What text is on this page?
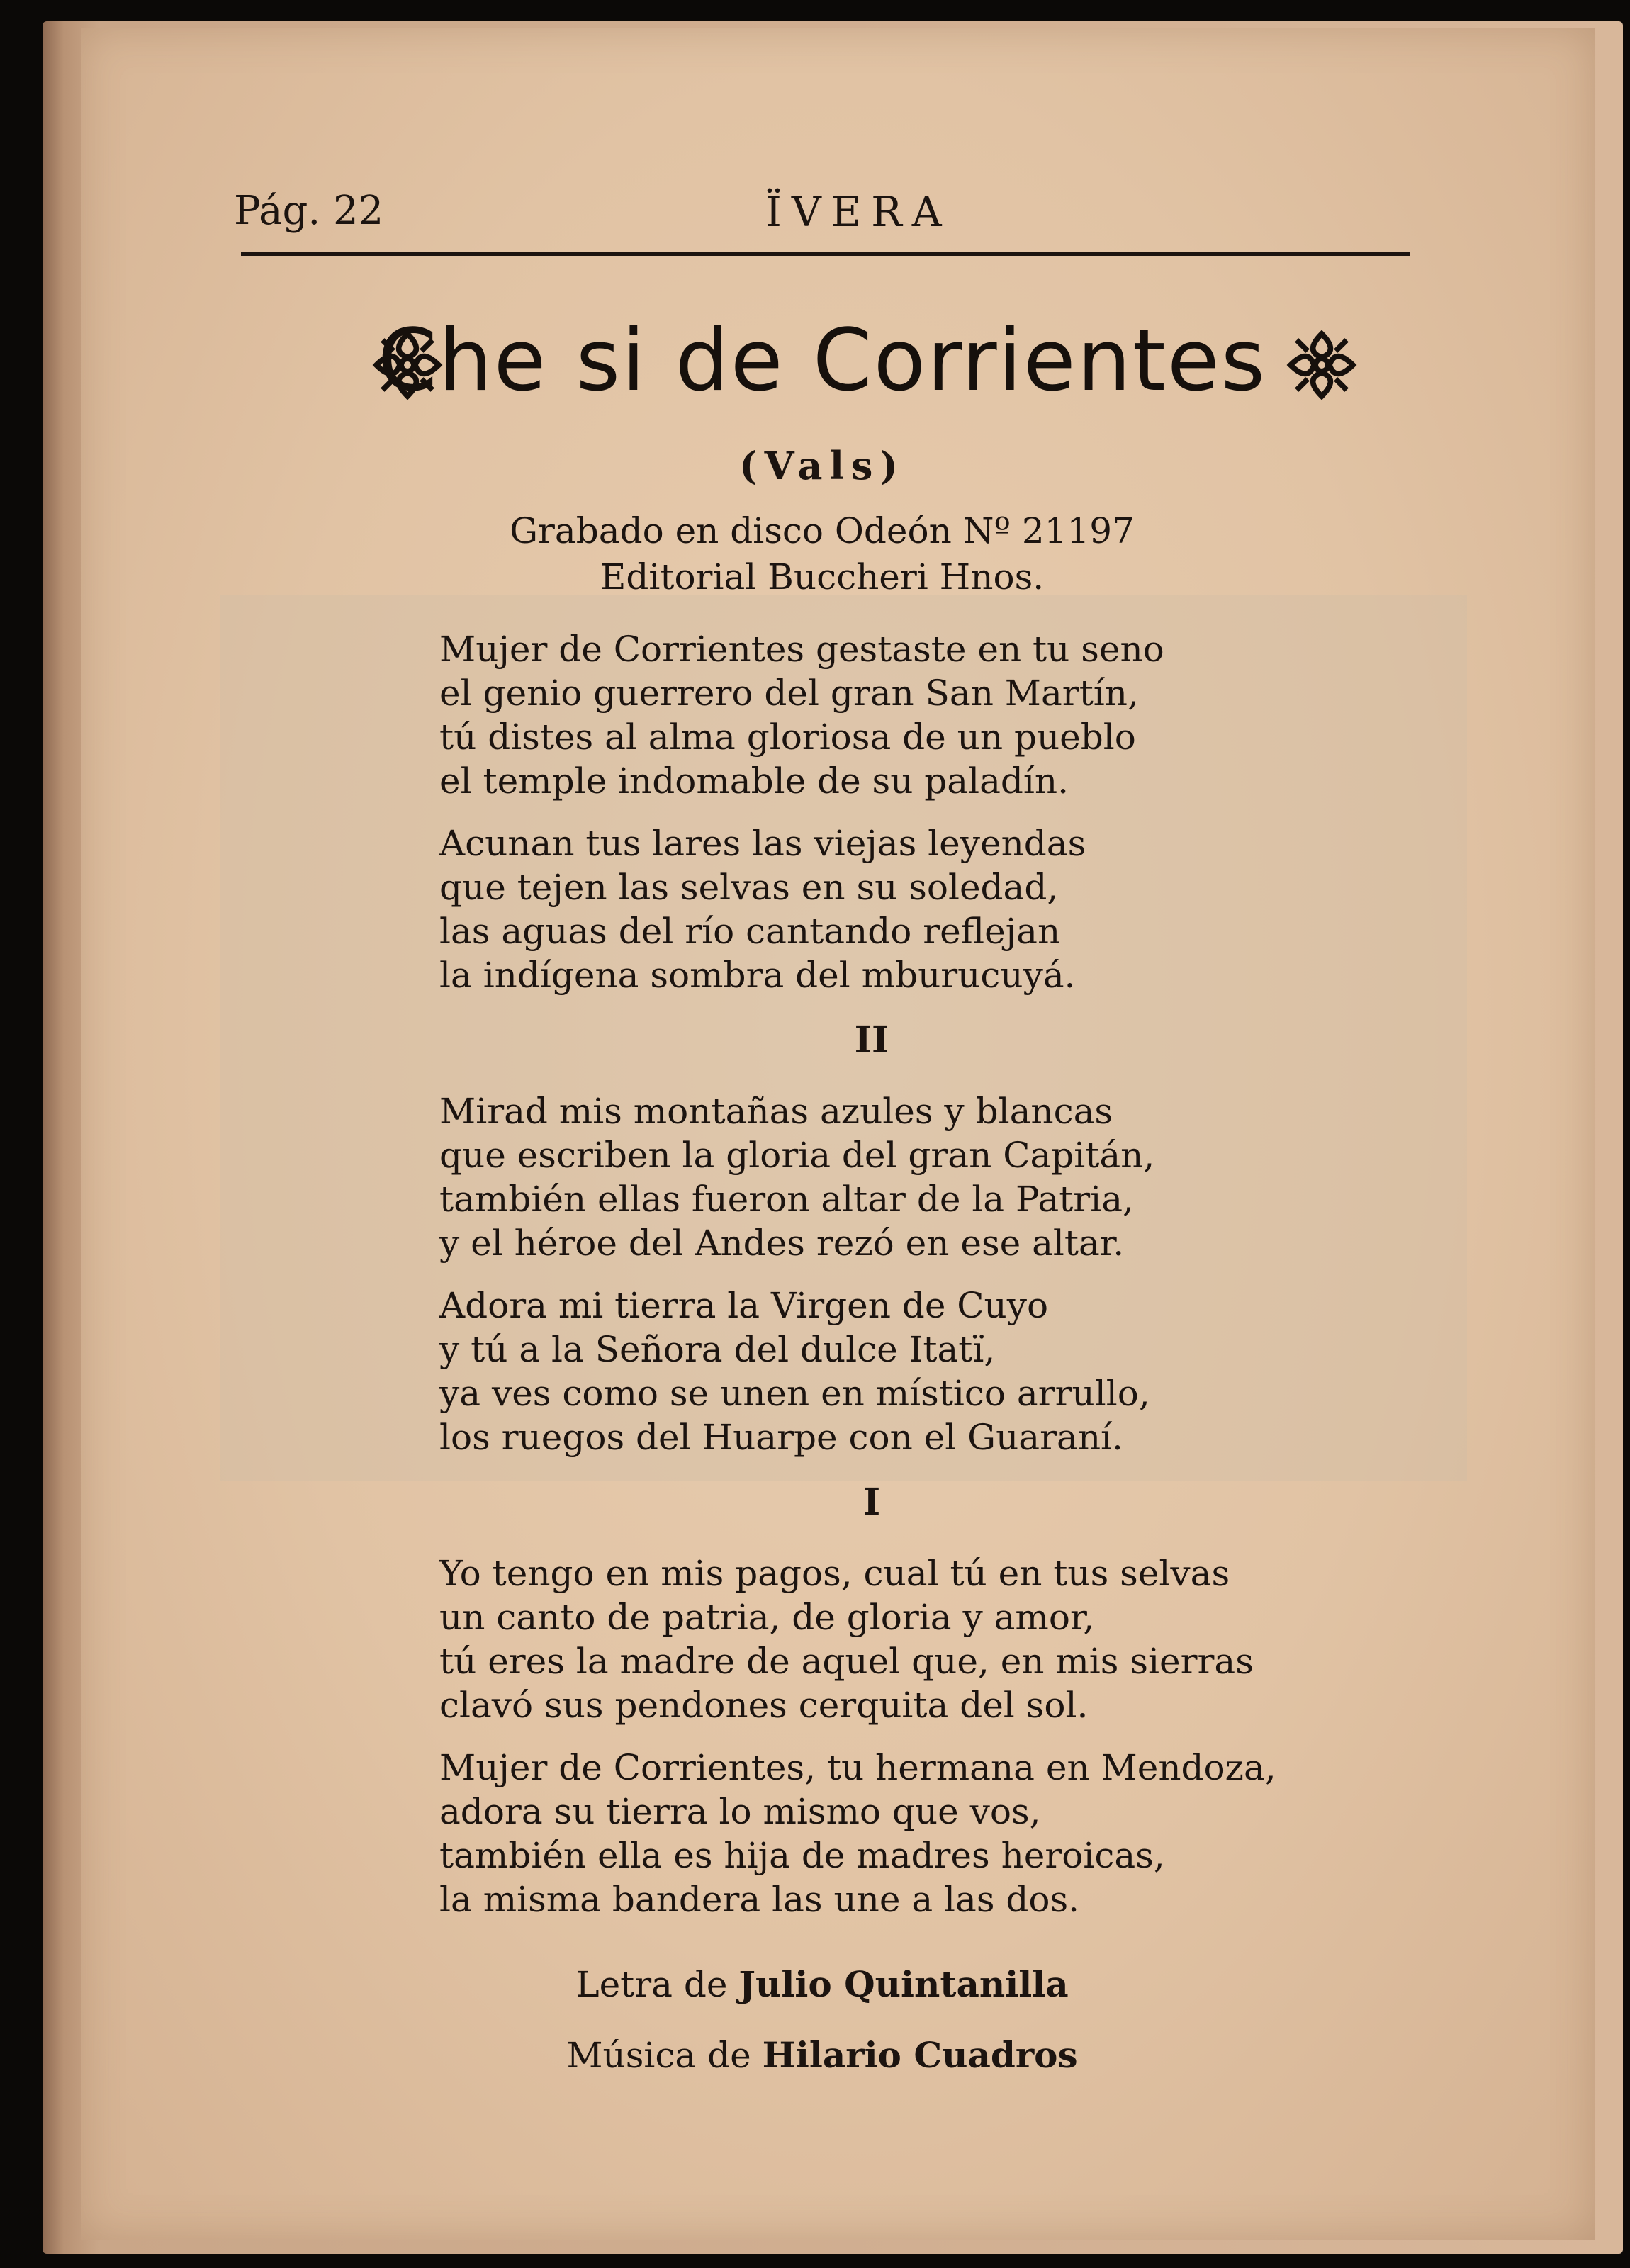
Pág. 22	ÏVERA
Che si de Corrientes
(Vals)
Grabado en disco Odeón Nº 21197
Editorial Buccheri Hnos.
Mujer de Corrientes gestaste en tu seno
el genio guerrero del gran San Martín,
tú distes al alma gloriosa de un pueblo
el temple indomable de su paladín.
Acunan tus lares las viejas leyendas
que tejen las selvas en su soledad,
las aguas del río cantando reflejan
la indígena sombra del mburucuyá.
II
Mirad mis montañas azules y blancas
que escriben la gloria del gran Capitán,
también ellas fueron altar de la Patria,
y el héroe del Andes rezó en ese altar.
Adora mi tierra la Virgen de Cuyo
y tú a la Señora del dulce Itatï,
ya ves como se unen en místico arrullo,
los ruegos del Huarpe con el Guaraní.
I
Yo tengo en mis pagos, cual tú en tus selvas
un canto de patria, de gloria y amor,
tú eres la madre de aquel que, en mis sierras
clavó sus pendones cerquita del sol.
Mujer de Corrientes, tu hermana en Mendoza,
adora su tierra lo mismo que vos,
también ella es hija de madres heroicas,
la misma bandera las une a las dos.
Letra de Julio Quintanilla
Música de Hilario Cuadros
